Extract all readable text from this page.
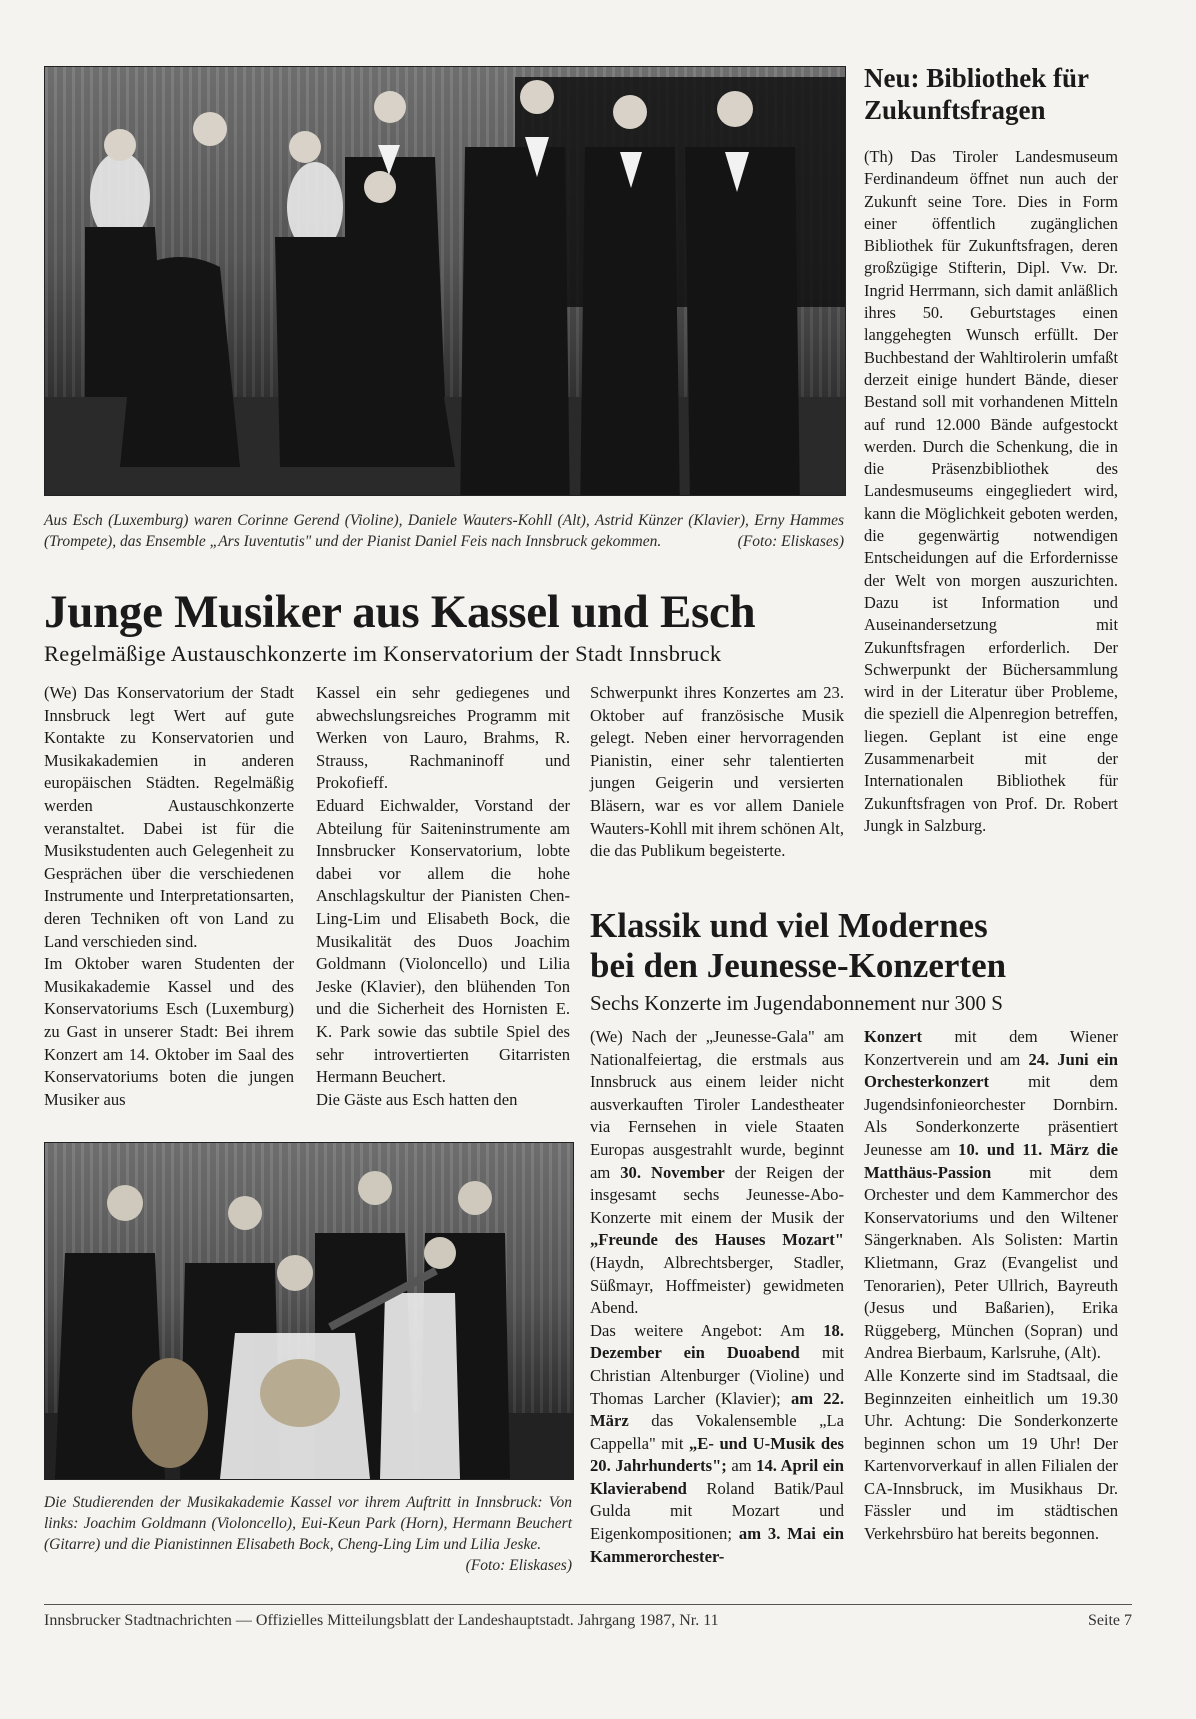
Aus Esch (Luxemburg) waren Corinne Gerend (Violine), Daniele Wauters-Kohll (Alt), Astrid Künzer (Klavier), Erny Hammes (Trompete), das Ensemble „Ars Iuventutis" und der Pianist Daniel Feis nach Innsbruck gekommen.	(Foto: Eliskases)
Junge Musiker aus Kassel und Esch
Regelmäßige Austauschkonzerte im Konservatorium der Stadt Innsbruck

(We) Das Konservatorium der Stadt Innsbruck legt Wert auf gute Kontakte zu Konservatorien und Musikakademien in anderen europäischen Städten. Regelmäßig werden Austauschkonzerte veranstaltet. Dabei ist für die Musikstudenten auch Gelegenheit zu Gesprächen über die verschiedenen Instrumente und Interpretationsarten, deren Techniken oft von Land zu Land verschieden sind.

Im Oktober waren Studenten der Musikakademie Kassel und des Konservatoriums Esch (Luxemburg) zu Gast in unserer Stadt: Bei ihrem Konzert am 14. Oktober im Saal des Konservatoriums boten die jungen Musiker aus

Kassel ein sehr gediegenes und abwechslungsreiches Programm mit Werken von Lauro, Brahms, R. Strauss, Rachmaninoff und Prokofieff.

Eduard Eichwalder, Vorstand der Abteilung für Saiteninstrumente am Innsbrucker Konservatorium, lobte dabei vor allem die hohe Anschlagskultur der Pianisten Chen-Ling-Lim und Elisabeth Bock, die Musikalität des Duos Joachim Goldmann (Violoncello) und Lilia Jeske (Klavier), den blühenden Ton und die Sicherheit des Hornisten E. K. Park sowie das subtile Spiel des sehr introvertierten Gitarristen Hermann Beuchert.

Die Gäste aus Esch hatten den

Schwerpunkt ihres Konzertes am 23. Oktober auf französische Musik gelegt. Neben einer hervorragenden Pianistin, einer sehr talentierten jungen Geigerin und versierten Bläsern, war es vor allem Daniele Wauters-Kohll mit ihrem schönen Alt, die das Publikum begeisterte.

Neu: Bibliothek für Zukunftsfragen
(Th) Das Tiroler Landesmuseum Ferdinandeum öffnet nun auch der Zukunft seine Tore. Dies in Form einer öffentlich zugänglichen Bibliothek für Zukunftsfragen, deren großzügige Stifterin, Dipl. Vw. Dr. Ingrid Herrmann, sich damit anläßlich ihres 50. Geburtstages einen langgehegten Wunsch erfüllt. Der Buchbestand der Wahltirolerin umfaßt derzeit einige hundert Bände, dieser Bestand soll mit vorhandenen Mitteln auf rund 12.000 Bände aufgestockt werden. Durch die Schenkung, die in die Präsenzbibliothek des Landesmuseums eingegliedert wird, kann die Möglichkeit geboten werden, die gegenwärtig notwendigen Entscheidungen auf die Erfordernisse der Welt von morgen auszurichten. Dazu ist Information und Auseinandersetzung mit Zukunftsfragen erforderlich. Der Schwerpunkt der Büchersammlung wird in der Literatur über Probleme, die speziell die Alpenregion betreffen, liegen. Geplant ist eine enge Zusammenarbeit mit der Internationalen Bibliothek für Zukunftsfragen von Prof. Dr. Robert Jungk in Salzburg.
Klassik und viel Modernes
bei den Jeunesse-Konzerten
Sechs Konzerte im Jugendabonnement nur 300 S

(We) Nach der „Jeunesse-Gala" am Nationalfeiertag, die erstmals aus Innsbruck aus einem leider nicht ausverkauften Tiroler Landestheater via Fernsehen in viele Staaten Europas ausgestrahlt wurde, beginnt am 30. November der Reigen der insgesamt sechs Jeunesse-Abo-Konzerte mit einem der Musik der „Freunde des Hauses Mozart" (Haydn, Albrechtsberger, Stadler, Süßmayr, Hoffmeister) gewidmeten Abend.

Das weitere Angebot: Am 18. Dezember ein Duoabend mit Christian Altenburger (Violine) und Thomas Larcher (Klavier); am 22. März das Vokalensemble „La Cappella" mit „E- und U-Musik des 20. Jahrhunderts"; am 14. April ein Klavierabend Roland Batik/Paul Gulda mit Mozart und Eigenkompositionen; am 3. Mai ein Kammerorchester-

Konzert mit dem Wiener Konzertverein und am 24. Juni ein Orchesterkonzert mit dem Jugendsinfonieorchester Dornbirn. Als Sonderkonzerte präsentiert Jeunesse am 10. und 11. März die Matthäus-Passion mit dem Orchester und dem Kammerchor des Konservatoriums und den Wiltener Sängerknaben. Als Solisten: Martin Klietmann, Graz (Evangelist und Tenorarien), Peter Ullrich, Bayreuth (Jesus und Baßarien), Erika Rüggeberg, München (Sopran) und Andrea Bierbaum, Karlsruhe, (Alt).

Alle Konzerte sind im Stadtsaal, die Beginnzeiten einheitlich um 19.30 Uhr. Achtung: Die Sonderkonzerte beginnen schon um 19 Uhr! Der Kartenvorverkauf in allen Filialen der CA-Innsbruck, im Musikhaus Dr. Fässler und im städtischen Verkehrsbüro hat bereits begonnen.

Die Studierenden der Musikakademie Kassel vor ihrem Auftritt in Innsbruck: Von links: Joachim Goldmann (Violoncello), Eui-Keun Park (Horn), Hermann Beuchert (Gitarre) und die Pianistinnen Elisabeth Bock, Cheng-Ling Lim und Lilia Jeske.
(Foto: Eliskases)
Innsbrucker Stadtnachrichten — Offizielles Mitteilungsblatt der Landeshauptstadt. Jahrgang 1987, Nr. 11	Seite 7
